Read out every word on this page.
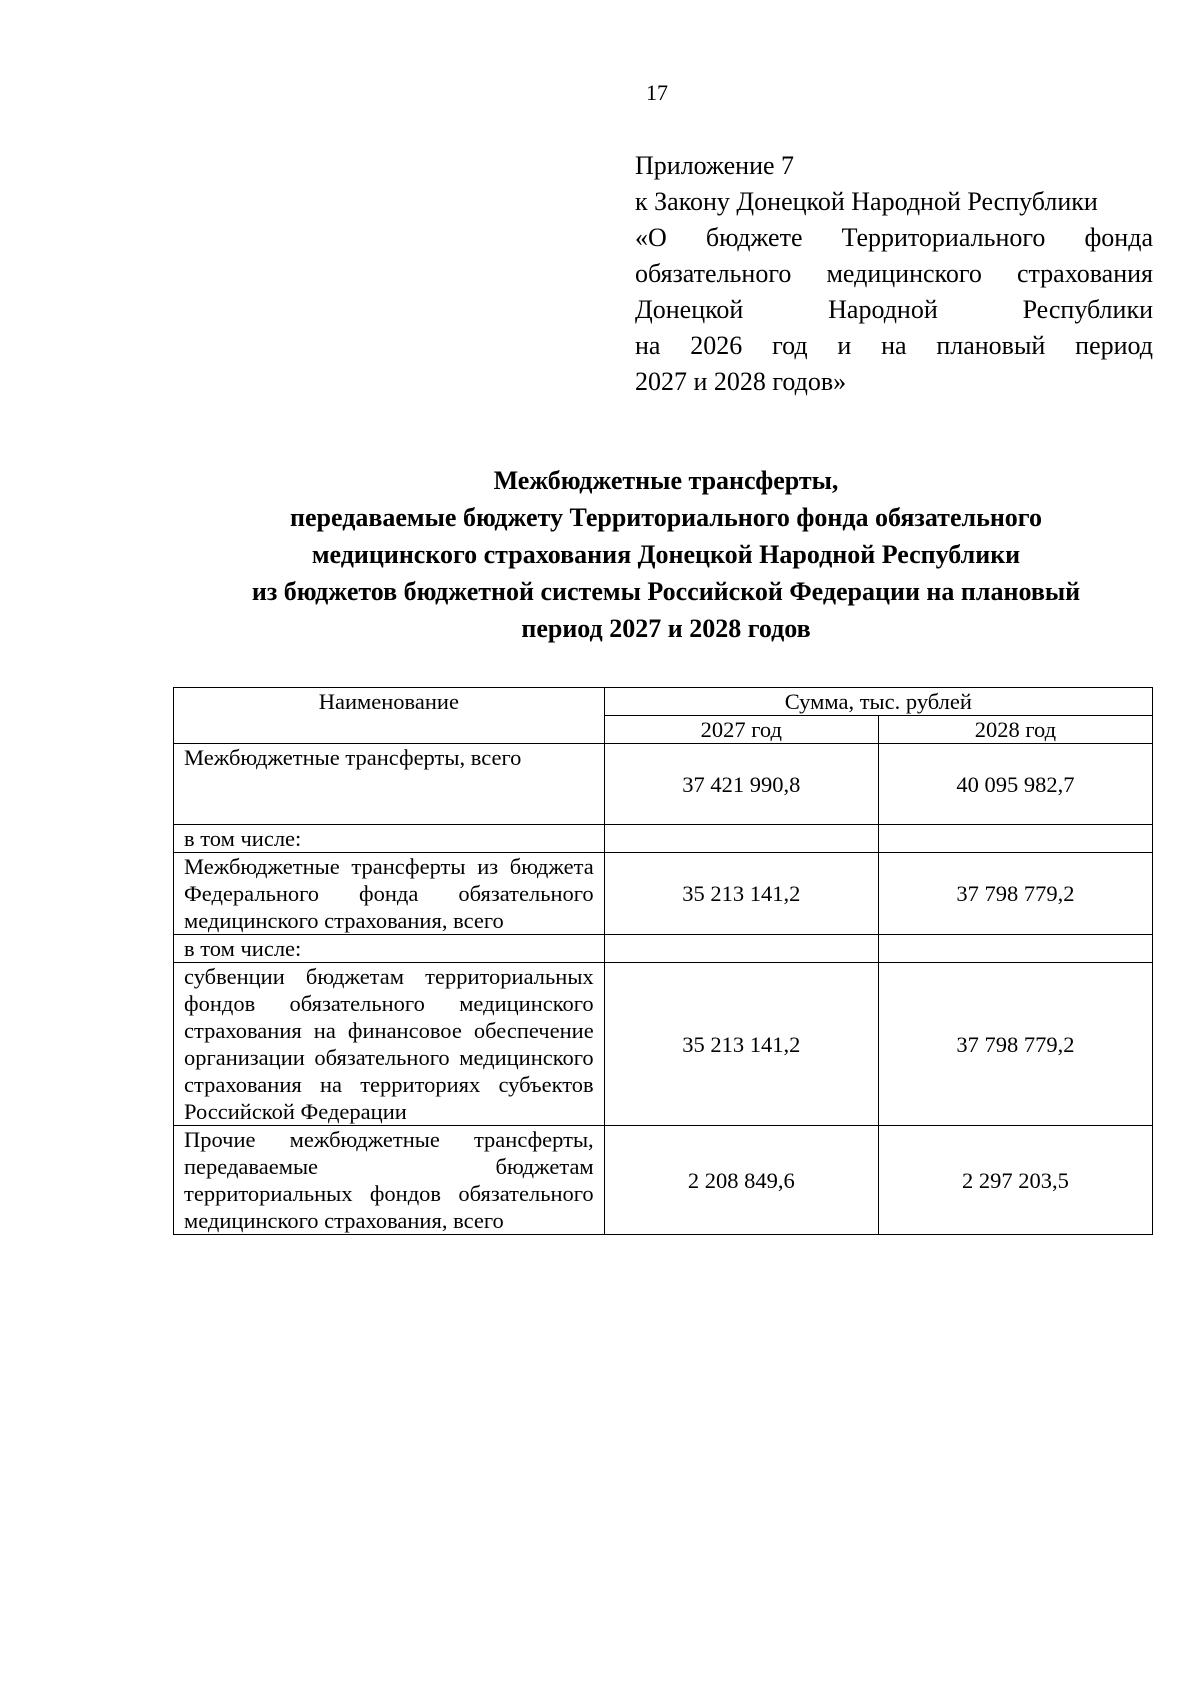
17
Приложение 7
к Закону Донецкой Народной Республики
«О бюджете Территориального фонда
обязательного медицинского страхования
Донецкой Народной Республики
на 2026 год и на плановый период
2027 и 2028 годов»
Межбюджетные трансферты,
передаваемые бюджету Территориального фонда обязательного
медицинского страхования Донецкой Народной Республики
из бюджетов бюджетной системы Российской Федерации на плановый
период 2027 и 2028 годов
Наименование	Сумма, тыс. рублей	
	2027 год	2028 год
Межбюджетные трансферты, всего	37 421 990,8	40 095 982,7
в том числе:		
Межбюджетные трансферты из бюджета Федерального фонда обязательного медицинского страхования, всего	35 213 141,2	37 798 779,2
в том числе:		
субвенции бюджетам территориальных фондов обязательного медицинского страхования на финансовое обеспечение организации обязательного медицинского страхования на территориях субъектов Российской Федерации	35 213 141,2	37 798 779,2
Прочие межбюджетные трансферты, передаваемые бюджетам территориальных фондов обязательного медицинского страхования, всего	2 208 849,6	2 297 203,5
